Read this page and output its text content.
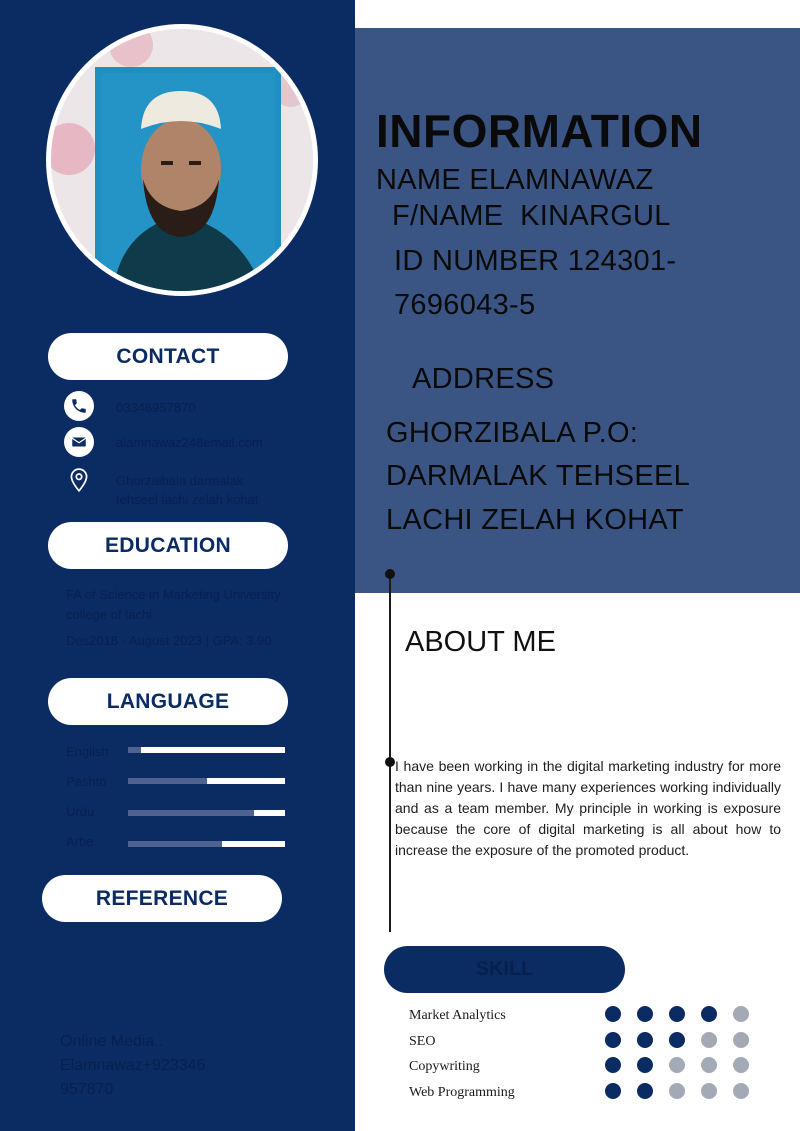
CONTACT
03346957870
alamnawaz248email.com
Ghorzaibala darmalak
tehseel lachi zelah kohat
EDUCATION
FA of Science in Marketing University
college of lachi
Des2018 - August 2023 | GPA: 3.90
LANGUAGE
English
Pashto
Urdu
Arbe
REFERENCE
Online Media..
Elamnawaz+923346
957870
INFORMATION
NAME ELAMNAWAZ
F/NAME  KINARGUL
ID NUMBER 124301-
7696043-5
ADDRESS
GHORZIBALA P.O:
DARMALAK TEHSEEL
LACHI ZELAH KOHAT
ABOUT ME
I have been working in the digital marketing industry for more than nine years. I have many experiences working individually and as a team member. My principle in working is exposure because the core of digital marketing is all about how to increase the exposure of the promoted product.
SKILL
Market Analytics
SEO
Copywriting
Web Programming
